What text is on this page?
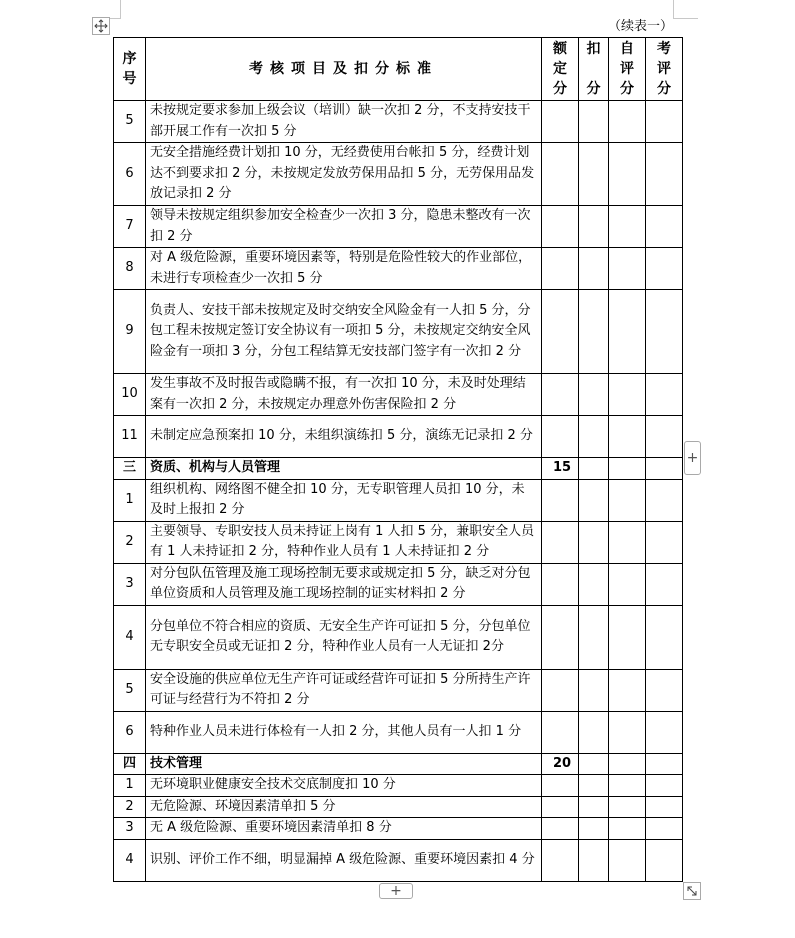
（续表一）
序
号	考核项目及扣分标准	额
定
分	扣
分	自
评
分	考
评
分

5	未按规定要求参加上级会议（培训）缺一次扣 2 分，不支持安技干部开展工作有一次扣 5 分				
6	无安全措施经费计划扣 10 分，无经费使用台帐扣 5 分，经费计划达不到要求扣 2 分，未按规定发放劳保用品扣 5 分，无劳保用品发放记录扣 2 分				
7	领导未按规定组织参加安全检查少一次扣 3 分，隐患未整改有一次扣 2 分				
8	对 A 级危险源，重要环境因素等，特别是危险性较大的作业部位，未进行专项检查少一次扣 5 分				
9	负责人、安技干部未按规定及时交纳安全风险金有一人扣 5 分，分包工程未按规定签订安全协议有一项扣 5 分，未按规定交纳安全风险金有一项扣 3 分，分包工程结算无安技部门签字有一次扣 2 分				
10	发生事故不及时报告或隐瞒不报，有一次扣 10 分，未及时处理结案有一次扣 2 分，未按规定办理意外伤害保险扣 2 分				
11	未制定应急预案扣 10 分，未组织演练扣 5 分，演练无记录扣 2 分				
三	资质、机构与人员管理	15			
1	组织机构、网络图不健全扣 10 分，无专职管理人员扣 10 分，未及时上报扣 2 分				
2	主要领导、专职安技人员未持证上岗有 1 人扣 5 分，兼职安全人员有 1 人未持证扣 2 分，特种作业人员有 1 人未持证扣 2 分				
3	对分包队伍管理及施工现场控制无要求或规定扣 5 分，缺乏对分包单位资质和人员管理及施工现场控制的证实材料扣 2 分				
4	分包单位不符合相应的资质、无安全生产许可证扣 5 分，分包单位无专职安全员或无证扣 2 分，特种作业人员有一人无证扣 2分				
5	安全设施的供应单位无生产许可证或经营许可证扣 5 分所持生产许可证与经营行为不符扣 2 分				
6	特种作业人员未进行体检有一人扣 2 分，其他人员有一人扣 1 分				
四	技术管理	20			
1	无环境职业健康安全技术交底制度扣 10 分				
2	无危险源、环境因素清单扣 5 分				
3	无 A 级危险源、重要环境因素清单扣 8 分				
4	识别、评价工作不细，明显漏掉 A 级危险源、重要环境因素扣 4 分				
+
+
